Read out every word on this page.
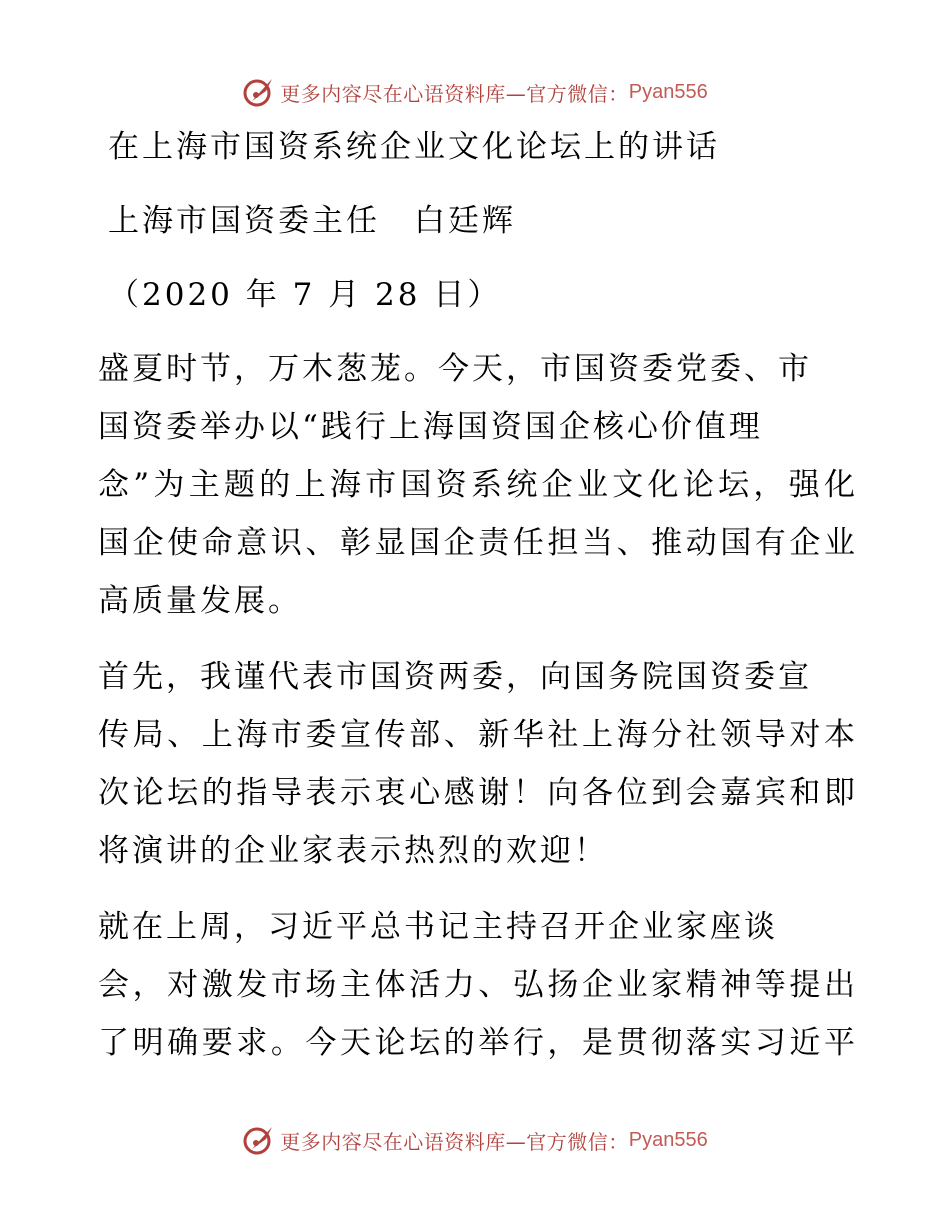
更多内容尽在心语资料库—官方微信： Pyan556
在上海市国资系统企业文化论坛上的讲话
上海市国资委主任　白廷辉
（2020 年 7 月 28 日）
盛夏时节，万木葱茏。今天，市国资委党委、市
国资委举办以“践行上海国资国企核心价值理
念”为主题的上海市国资系统企业文化论坛，强化
国企使命意识、彰显国企责任担当、推动国有企业
高质量发展。
首先，我谨代表市国资两委，向国务院国资委宣
传局、上海市委宣传部、新华社上海分社领导对本
次论坛的指导表示衷心感谢！向各位到会嘉宾和即
将演讲的企业家表示热烈的欢迎！
就在上周，习近平总书记主持召开企业家座谈
会，对激发市场主体活力、弘扬企业家精神等提出
了明确要求。今天论坛的举行，是贯彻落实习近平
更多内容尽在心语资料库—官方微信： Pyan556
